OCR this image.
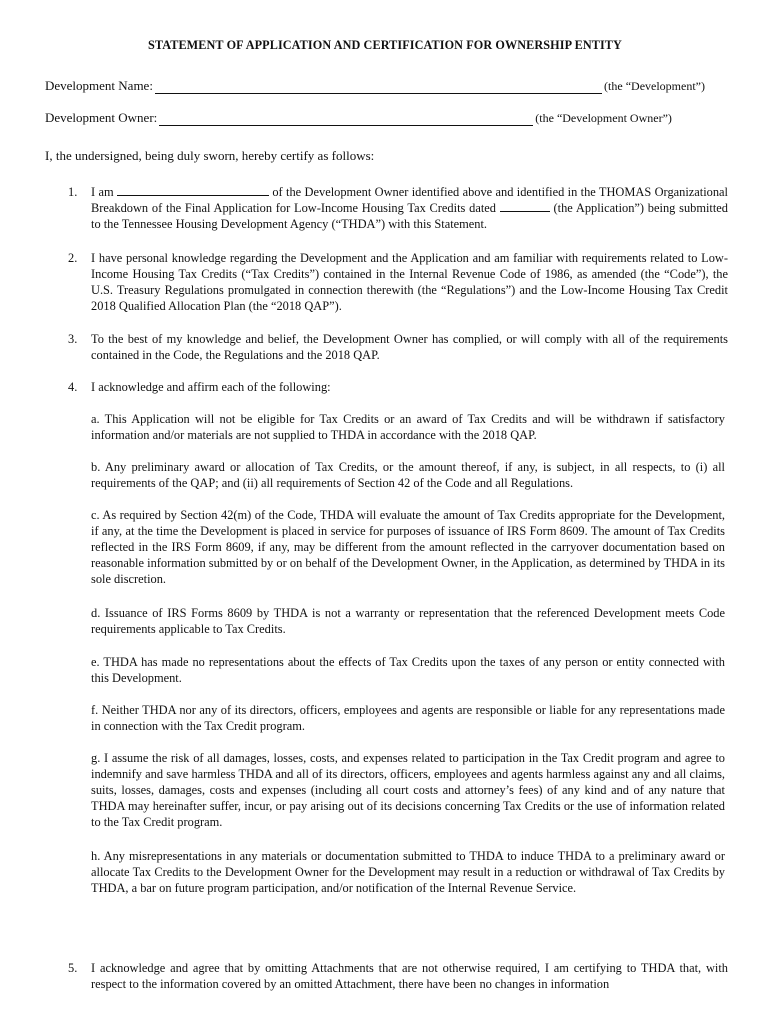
STATEMENT OF APPLICATION AND CERTIFICATION FOR OWNERSHIP ENTITY
Development Name:	(the “Development”)
Development Owner:	(the “Development Owner”)
I, the undersigned, being duly sworn, hereby certify as follows:
1.	I am	of the Development Owner identified above and identified in the THOMAS Organizational Breakdown of the Final Application for Low-Income Housing Tax Credits dated	(the Application”) being submitted to the Tennessee Housing Development Agency (“THDA”) with this Statement.
2.	I have personal knowledge regarding the Development and the Application and am familiar with requirements related to Low-Income Housing Tax Credits (“Tax Credits”) contained in the Internal Revenue Code of 1986, as amended (the “Code”), the U.S. Treasury Regulations promulgated in connection therewith (the “Regulations”) and the Low-Income Housing Tax Credit 2018 Qualified Allocation Plan (the “2018 QAP”).
3.	To the best of my knowledge and belief, the Development Owner has complied, or will comply with all of the requirements contained in the Code, the Regulations and the 2018 QAP.
4.	I acknowledge and affirm each of the following:
a. This Application will not be eligible for Tax Credits or an award of Tax Credits and will be withdrawn if satisfactory information and/or materials are not supplied to THDA in accordance with the 2018 QAP.
b. Any preliminary award or allocation of Tax Credits, or the amount thereof, if any, is subject, in all respects, to (i) all requirements of the QAP; and (ii) all requirements of Section 42 of the Code and all Regulations.
c. As required by Section 42(m) of the Code, THDA will evaluate the amount of Tax Credits appropriate for the Development, if any, at the time the Development is placed in service for purposes of issuance of IRS Form 8609. The amount of Tax Credits reflected in the IRS Form 8609, if any, may be different from the amount reflected in the carryover documentation based on reasonable information submitted by or on behalf of the Development Owner, in the Application, as determined by THDA in its sole discretion.
d. Issuance of IRS Forms 8609 by THDA is not a warranty or representation that the referenced Development meets Code requirements applicable to Tax Credits.
e. THDA has made no representations about the effects of Tax Credits upon the taxes of any person or entity connected with this Development.
f. Neither THDA nor any of its directors, officers, employees and agents are responsible or liable for any representations made in connection with the Tax Credit program.
g. I assume the risk of all damages, losses, costs, and expenses related to participation in the Tax Credit program and agree to indemnify and save harmless THDA and all of its directors, officers, employees and agents harmless against any and all claims, suits, losses, damages, costs and expenses (including all court costs and attorney’s fees) of any kind and of any nature that THDA may hereinafter suffer, incur, or pay arising out of its decisions concerning Tax Credits or the use of information related to the Tax Credit program.
h. Any misrepresentations in any materials or documentation submitted to THDA to induce THDA to a preliminary award or allocate Tax Credits to the Development Owner for the Development may result in a reduction or withdrawal of Tax Credits by THDA, a bar on future program participation, and/or notification of the Internal Revenue Service.
5.	I acknowledge and agree that by omitting Attachments that are not otherwise required, I am certifying to THDA that, with respect to the information covered by an omitted Attachment, there have been no changes in information
